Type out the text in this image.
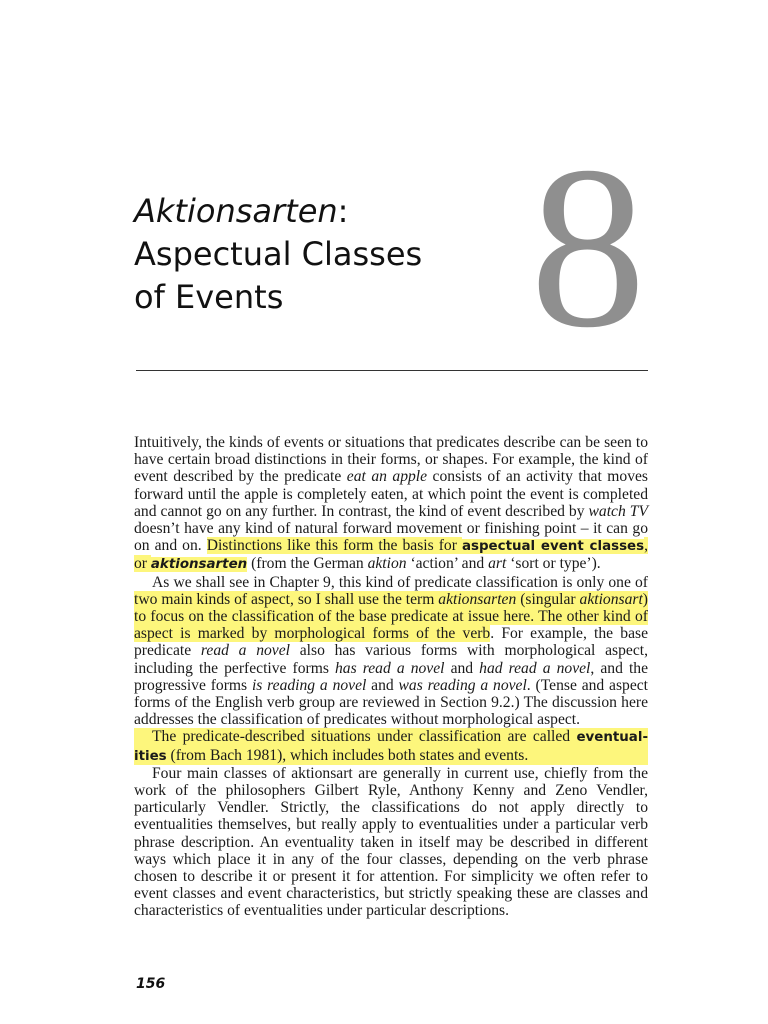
Aktionsarten:
Aspectual Classes
of Events	8

Intuitively, the kinds of events or situations that predicates describe can be seen to have certain broad distinctions in their forms, or shapes. For example, the kind of event described by the predicate eat an apple consists of an activity that moves forward until the apple is completely eaten, at which point the event is completed and cannot go on any further. In contrast, the kind of event described by watch TV doesn’t have any kind of natural forward movement or finishing point – it can go on and on. Distinctions like this form the basis for aspectual event classes, or aktionsarten (from the German aktion ‘action’ and art ‘sort or type’).

As we shall see in Chapter 9, this kind of predicate classification is only one of two main kinds of aspect, so I shall use the term aktionsarten (singular aktionsart) to focus on the classification of the base predicate at issue here. The other kind of aspect is marked by morphological forms of the verb. For example, the base predicate read a novel also has various forms with morphological aspect, including the perfective forms has read a novel and had read a novel, and the progressive forms is reading a novel and was reading a novel. (Tense and aspect forms of the English verb group are reviewed in Section 9.2.) The discussion here addresses the classification of predicates without morphological aspect.

The predicate-described situations under classification are called eventualities (from Bach 1981), which includes both states and events.

Four main classes of aktionsart are generally in current use, chiefly from the work of the philosophers Gilbert Ryle, Anthony Kenny and Zeno Vendler, particularly Vendler. Strictly, the classifications do not apply directly to eventualities themselves, but really apply to eventualities under a particular verb phrase description. An eventuality taken in itself may be described in different ways which place it in any of the four classes, depending on the verb phrase chosen to describe it or present it for attention. For simplicity we often refer to event classes and event characteristics, but strictly speaking these are classes and characteristics of eventualities under particular descriptions.

156
